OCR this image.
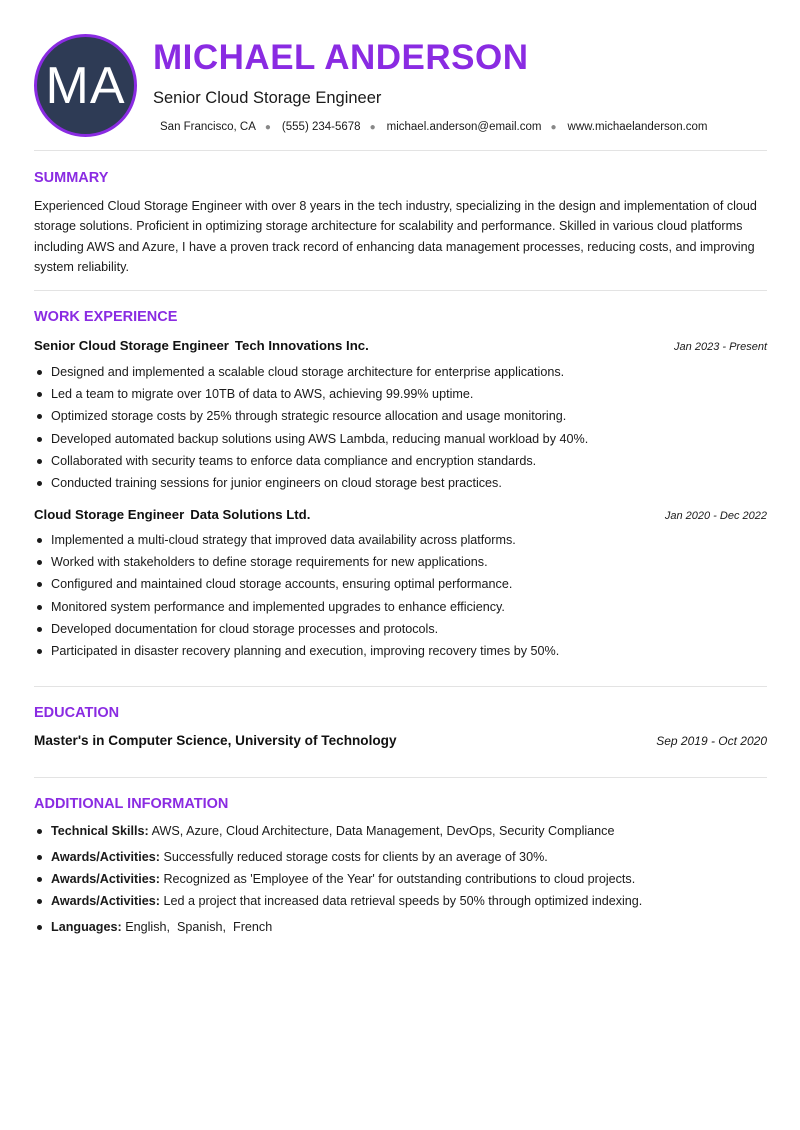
MA MICHAEL ANDERSON
Senior Cloud Storage Engineer
San Francisco, CA ● (555) 234-5678 ● michael.anderson@email.com ● www.michaelanderson.com
SUMMARY
Experienced Cloud Storage Engineer with over 8 years in the tech industry, specializing in the design and implementation of cloud storage solutions. Proficient in optimizing storage architecture for scalability and performance. Skilled in various cloud platforms including AWS and Azure, I have a proven track record of enhancing data management processes, reducing costs, and improving system reliability.
WORK EXPERIENCE
Senior Cloud Storage Engineer Tech Innovations Inc.	Jan 2023 - Present
Designed and implemented a scalable cloud storage architecture for enterprise applications.
Led a team to migrate over 10TB of data to AWS, achieving 99.99% uptime.
Optimized storage costs by 25% through strategic resource allocation and usage monitoring.
Developed automated backup solutions using AWS Lambda, reducing manual workload by 40%.
Collaborated with security teams to enforce data compliance and encryption standards.
Conducted training sessions for junior engineers on cloud storage best practices.
Cloud Storage Engineer Data Solutions Ltd.	Jan 2020 - Dec 2022
Implemented a multi-cloud strategy that improved data availability across platforms.
Worked with stakeholders to define storage requirements for new applications.
Configured and maintained cloud storage accounts, ensuring optimal performance.
Monitored system performance and implemented upgrades to enhance efficiency.
Developed documentation for cloud storage processes and protocols.
Participated in disaster recovery planning and execution, improving recovery times by 50%.
EDUCATION
Master's in Computer Science, University of Technology	Sep 2019 - Oct 2020
ADDITIONAL INFORMATION
Technical Skills: AWS, Azure, Cloud Architecture, Data Management, DevOps, Security Compliance
Awards/Activities: Successfully reduced storage costs for clients by an average of 30%.
Awards/Activities: Recognized as 'Employee of the Year' for outstanding contributions to cloud projects.
Awards/Activities: Led a project that increased data retrieval speeds by 50% through optimized indexing.
Languages: English,  Spanish,  French
